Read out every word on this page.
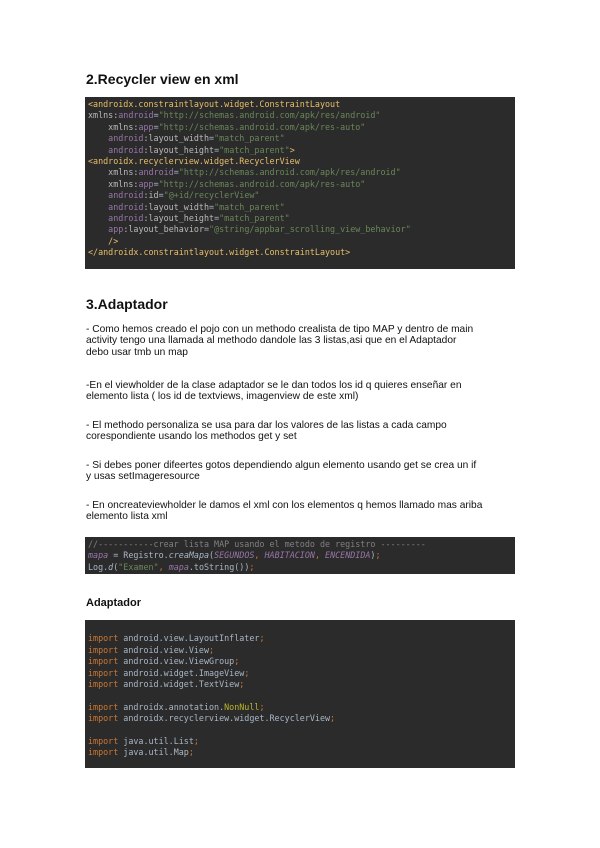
2.Recycler view en xml
<androidx.constraintlayout.widget.ConstraintLayout
xmlns:android="http://schemas.android.com/apk/res/android"
xmlns:app="http://schemas.android.com/apk/res-auto"
android:layout_width="match_parent"
android:layout_height="match_parent">
<androidx.recyclerview.widget.RecyclerView
xmlns:android="http://schemas.android.com/apk/res/android"
xmlns:app="http://schemas.android.com/apk/res-auto"
android:id="@+id/recyclerView"
android:layout_width="match_parent"
android:layout_height="match_parent"
app:layout_behavior="@string/appbar_scrolling_view_behavior"
/>
</androidx.constraintlayout.widget.ConstraintLayout>
3.Adaptador

- Como hemos creado el pojo con un methodo crealista de tipo MAP y dentro de main
activity tengo una llamada al methodo dandole las 3 listas,asi que en el Adaptador
debo usar tmb un map

-En el viewholder de la clase adaptador se le dan todos los id q quieres enseñar en
elemento lista ( los id de textviews, imagenview de este xml)

- El methodo personaliza se usa para dar los valores de las listas a cada campo
corespondiente usando los methodos get y set

- Si debes poner difeertes gotos dependiendo algun elemento usando get se crea un if
y usas setImageresource

- En oncreateviewholder le damos el xml con los elementos q hemos llamado mas ariba
elemento lista xml

//-----------crear lista MAP usando el metodo de registro ---------
mapa = Registro.creaMapa(SEGUNDOS, HABITACION, ENCENDIDA);
Log.d("Examen", mapa.toString());
Adaptador
import android.view.LayoutInflater;
import android.view.View;
import android.view.ViewGroup;
import android.widget.ImageView;
import android.widget.TextView;
import androidx.annotation.NonNull;
import androidx.recyclerview.widget.RecyclerView;
import java.util.List;
import java.util.Map;
